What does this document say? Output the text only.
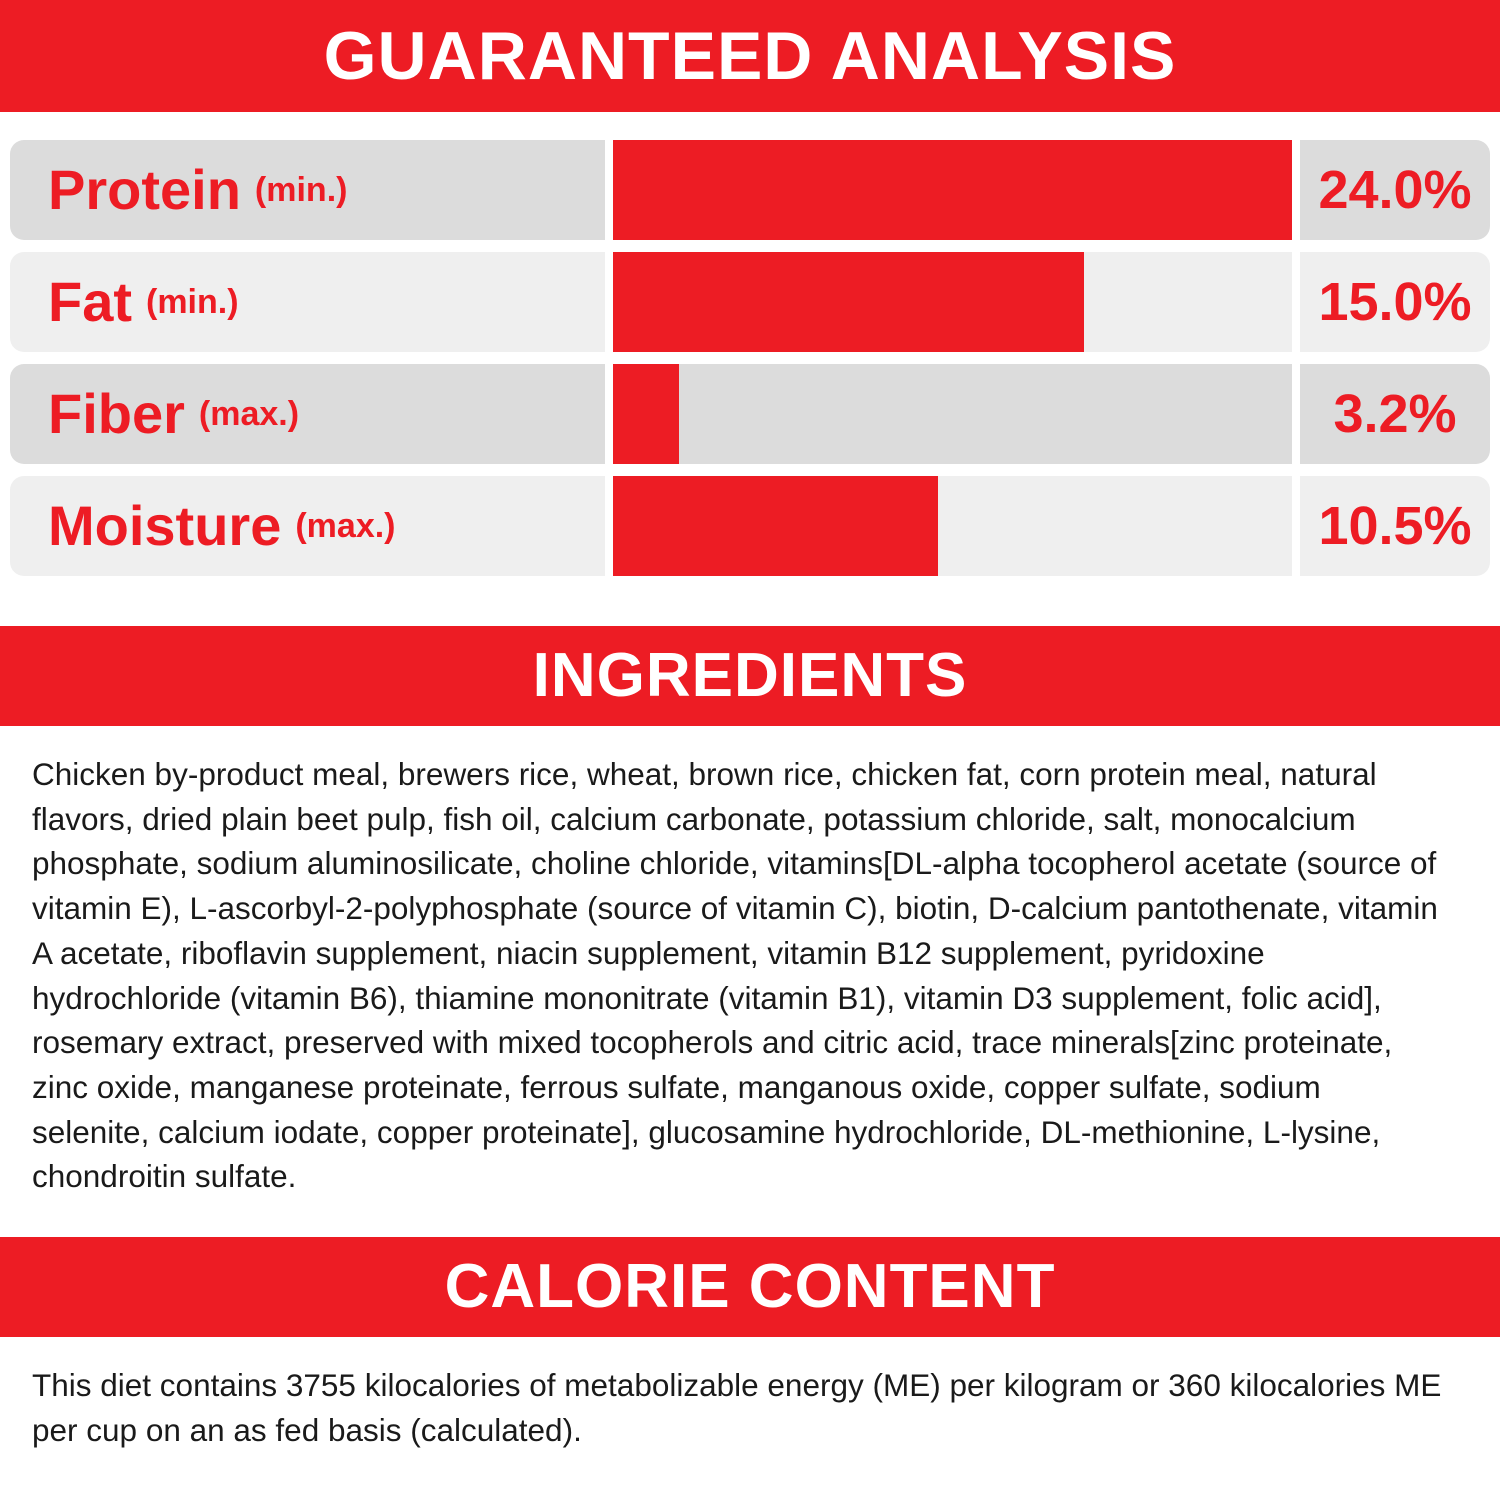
GUARANTEED ANALYSIS
Protein (min.)	24.0%
Fat (min.)	15.0%
Fiber (max.)	3.2%
Moisture (max.)	10.5%
INGREDIENTS
Chicken by-product meal, brewers rice, wheat, brown rice, chicken fat, corn protein meal, natural flavors, dried plain beet pulp, fish oil, calcium carbonate, potassium chloride, salt, monocalcium phosphate, sodium aluminosilicate, choline chloride, vitamins[DL-alpha tocopherol acetate (source of vitamin E), L-ascorbyl-2-polyphosphate (source of vitamin C), biotin, D-calcium pantothenate, vitamin A acetate, riboflavin supplement, niacin supplement, vitamin B12 supplement, pyridoxine hydrochloride (vitamin B6), thiamine mononitrate (vitamin B1), vitamin D3 supplement, folic acid], rosemary extract, preserved with mixed tocopherols and citric acid, trace minerals[zinc proteinate, zinc oxide, manganese proteinate, ferrous sulfate, manganous oxide, copper sulfate, sodium selenite, calcium iodate, copper proteinate], glucosamine hydrochloride, DL-methionine, L-lysine, chondroitin sulfate.
CALORIE CONTENT
This diet contains 3755 kilocalories of metabolizable energy (ME) per kilogram or 360 kilocalories ME per cup on an as fed basis (calculated).
